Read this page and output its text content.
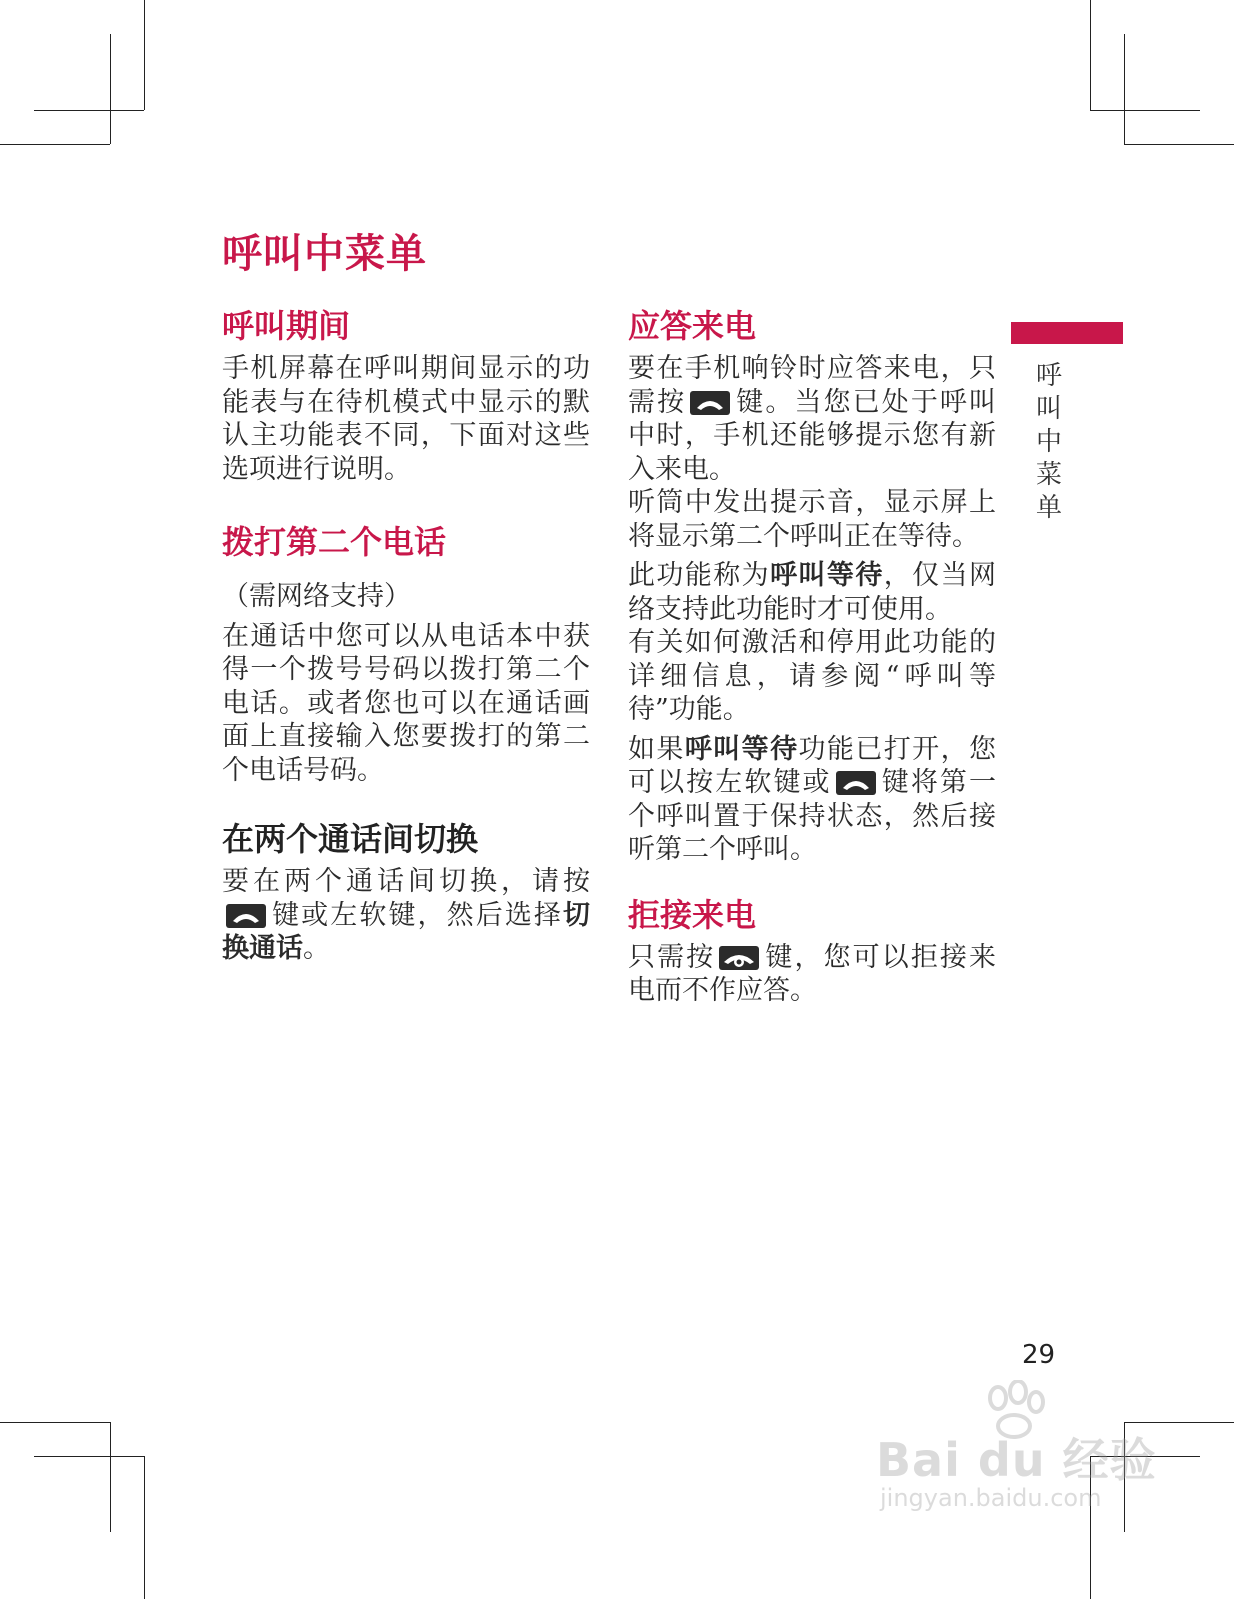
呼叫中菜单
呼叫期间

手机屏幕在呼叫期间显示的功能表与在待机模式中显示的默认主功能表不同，下面对这些选项进行说明。

拨打第二个电话

（需网络支持）

在通话中您可以从电话本中获得一个拨号号码以拨打第二个电话。或者您也可以在通话画面上直接输入您要拨打的第二个电话号码。

在两个通话间切换

要在两个通话间切换，请按
键或左软键，然后选择切换通话。

应答来电

要在手机响铃时应答来电，只需按 键。当您已处于呼叫中时，手机还能够提示您有新入来电。

听筒中发出提示音，显示屏上将显示第二个呼叫正在等待。

此功能称为呼叫等待，仅当网络支持此功能时才可使用。

有关如何激活和停用此功能的详细信息，请参阅“呼叫等待”功能。

如果呼叫等待功能已打开，您可以按左软键或 键将第一个呼叫置于保持状态，然后接听第二个呼叫。

拒接来电

只需按 键，您可以拒接来电而不作应答。

呼
叫
中
菜
单
29
Bai du 经验
jingyan.baidu.com
